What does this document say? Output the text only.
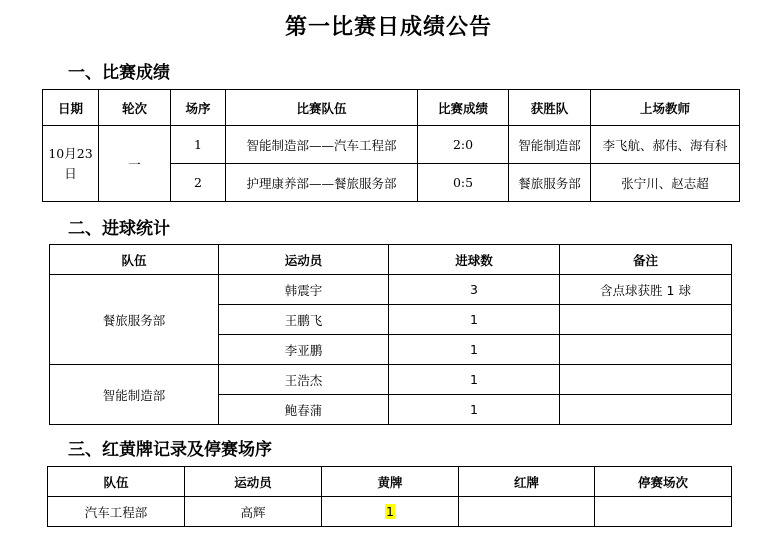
第一比赛日成绩公告
一、比赛成绩
日期	轮次	场序	比赛队伍	比赛成绩	获胜队	上场教师
10月23日	一	1	智能制造部——汽车工程部	2:0	智能制造部	李飞航、郝伟、海有科
		2	护理康养部——餐旅服务部	0:5	餐旅服务部	张宁川、赵志超
二、进球统计
队伍	运动员	进球数	备注
餐旅服务部	韩震宇	3	含点球获胜 1 球
	王鹏飞	1	
	李亚鹏	1	
智能制造部	王浩杰	1	
	鲍春蒲	1	
三、红黄牌记录及停赛场序
队伍	运动员	黄牌	红牌	停赛场次
汽车工程部	高辉	1		
